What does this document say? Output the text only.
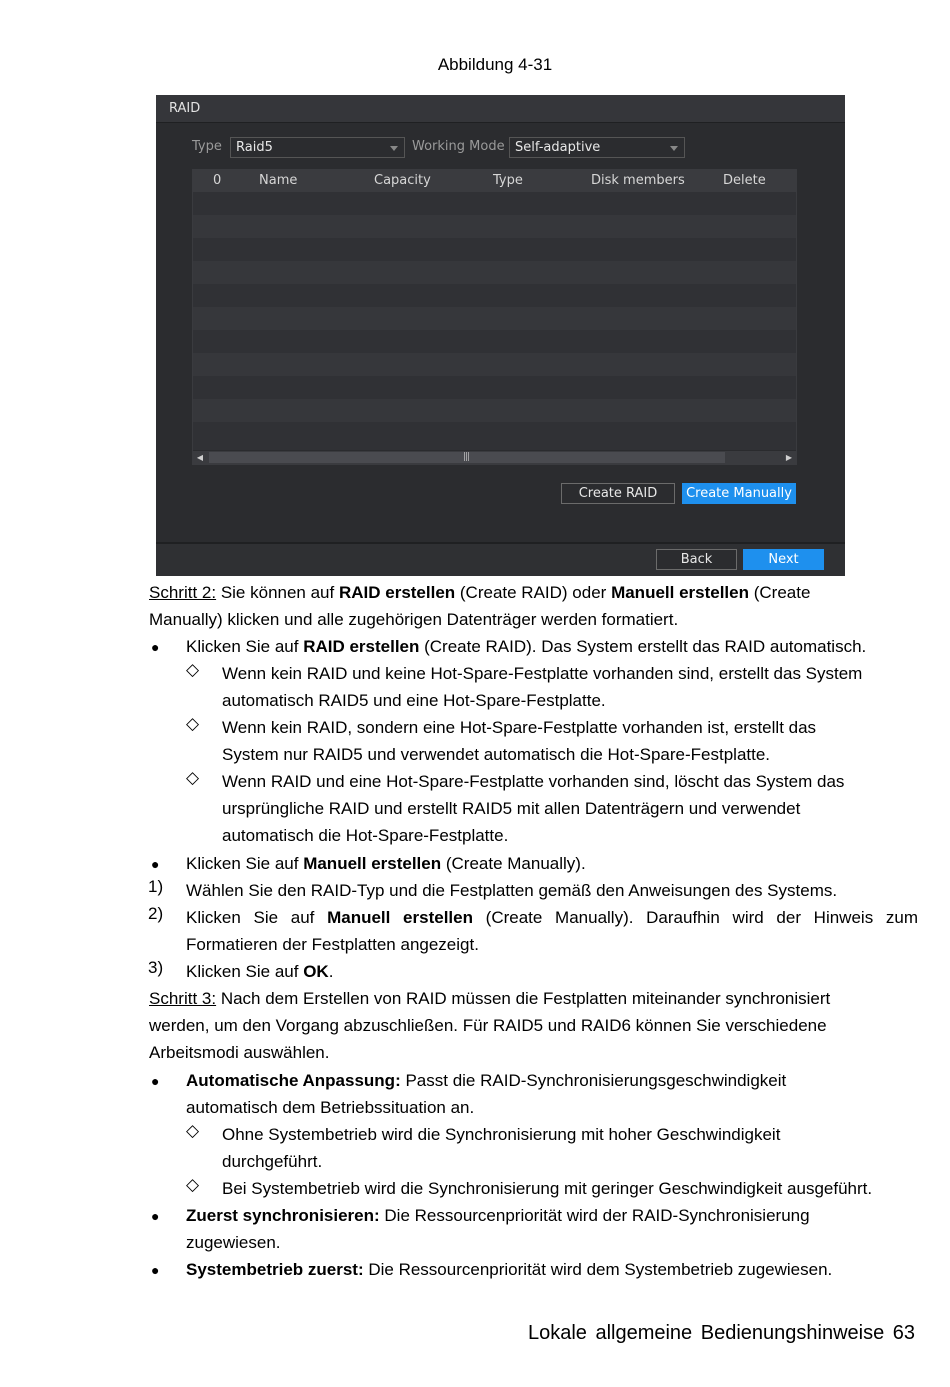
Abbildung 4-31
RAID
Type	Raid5	Working Mode Self-adaptive
0	Name	Capacity	Type	Disk members	Delete
◀	|||	▶
Create RAID	Create Manually
Back	Next
Schritt 2: Sie können auf RAID erstellen (Create RAID) oder Manuell erstellen (Create
Manually) klicken und alle zugehörigen Datenträger werden formatiert.
● Klicken Sie auf RAID erstellen (Create RAID). Das System erstellt das RAID automatisch.
◇ Wenn kein RAID und keine Hot-Spare-Festplatte vorhanden sind, erstellt das System
automatisch RAID5 und eine Hot-Spare-Festplatte.
◇ Wenn kein RAID, sondern eine Hot-Spare-Festplatte vorhanden ist, erstellt das
System nur RAID5 und verwendet automatisch die Hot-Spare-Festplatte.
◇ Wenn RAID und eine Hot-Spare-Festplatte vorhanden sind, löscht das System das
ursprüngliche RAID und erstellt RAID5 mit allen Datenträgern und verwendet
automatisch die Hot-Spare-Festplatte.
● Klicken Sie auf Manuell erstellen (Create Manually).
1) Wählen Sie den RAID-Typ und die Festplatten gemäß den Anweisungen des Systems.
2) Klicken Sie auf Manuell erstellen (Create Manually). Daraufhin wird der Hinweis zum
Formatieren der Festplatten angezeigt.
3) Klicken Sie auf OK.
Schritt 3: Nach dem Erstellen von RAID müssen die Festplatten miteinander synchronisiert
werden, um den Vorgang abzuschließen. Für RAID5 und RAID6 können Sie verschiedene
Arbeitsmodi auswählen.
● Automatische Anpassung: Passt die RAID-Synchronisierungsgeschwindigkeit
automatisch dem Betriebssituation an.
◇ Ohne Systembetrieb wird die Synchronisierung mit hoher Geschwindigkeit
durchgeführt.
◇ Bei Systembetrieb wird die Synchronisierung mit geringer Geschwindigkeit ausgeführt.
● Zuerst synchronisieren: Die Ressourcenpriorität wird der RAID-Synchronisierung
zugewiesen.
● Systembetrieb zuerst: Die Ressourcenpriorität wird dem Systembetrieb zugewiesen.
Lokale allgemeine Bedienungshinweise 63
